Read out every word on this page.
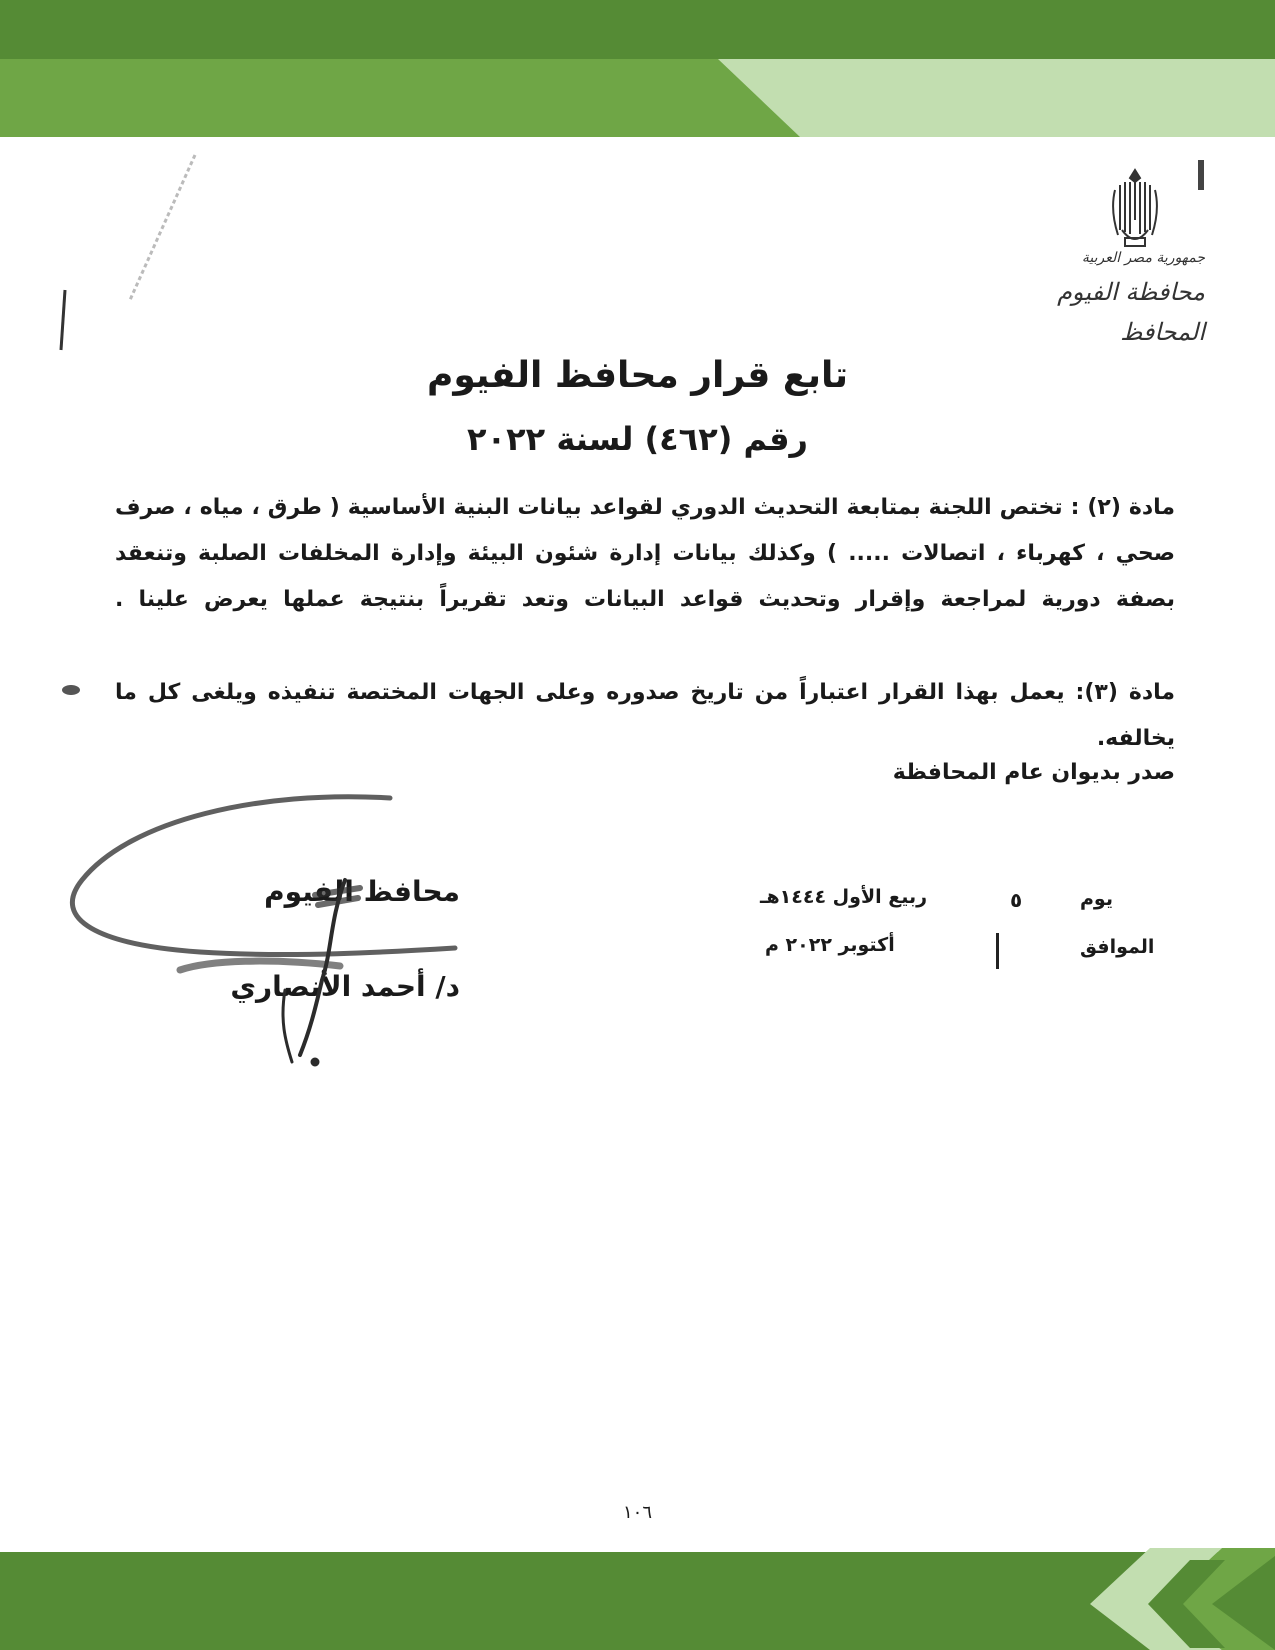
جمهورية مصر العربية
محافظة الفيوم
المحافظ
تابع قرار محافظ الفيوم
رقم (٤٦٢) لسنة ٢٠٢٢
مادة (٢) : تختص اللجنة بمتابعة التحديث الدوري لقواعد بيانات البنية الأساسية ( طرق ، مياه ، صرف صحي ، كهرباء ، اتصالات ..... ) وكذلك بيانات إدارة شئون البيئة وإدارة المخلفات الصلبة وتنعقد بصفة دورية لمراجعة وإقرار وتحديث قواعد البيانات وتعد تقريراً بنتيجة عملها يعرض علينا .
مادة (٣): يعمل بهذا القرار اعتباراً من تاريخ صدوره وعلى الجهات المختصة تنفيذه ويلغى كل ما يخالفه.
صدر بديوان عام المحافظة
يوم
٥
ربيع الأول ١٤٤٤هـ
الموافق
أكتوبر ٢٠٢٢ م
محافظ الفيوم
د/ أحمد الأنصاري
١٠٦
